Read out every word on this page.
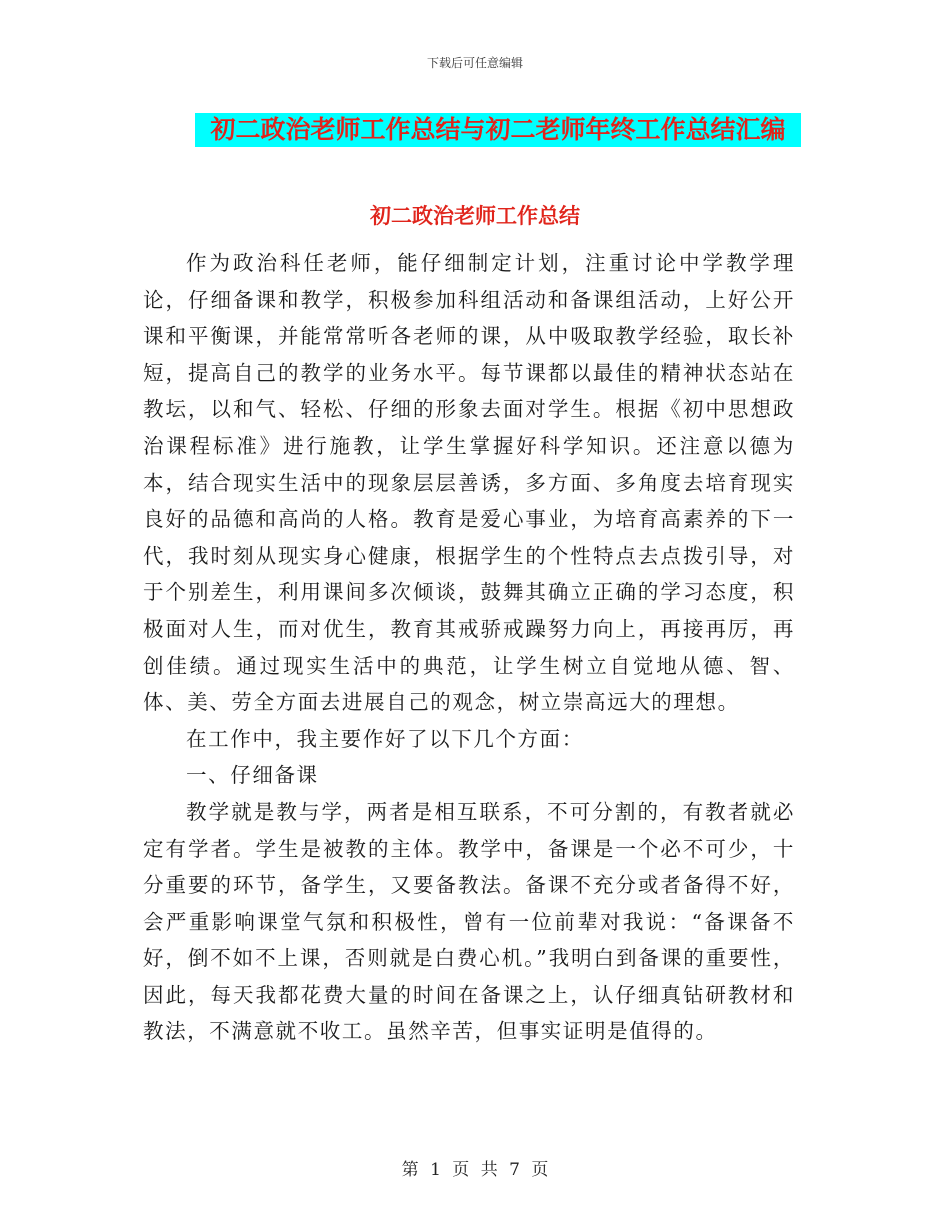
下载后可任意编辑
初二政治老师工作总结与初二老师年终工作总结汇编
初二政治老师工作总结

作为政治科任老师，能仔细制定计划，注重讨论中学教学理论，仔细备课和教学，积极参加科组活动和备课组活动，上好公开课和平衡课，并能常常听各老师的课，从中吸取教学经验，取长补短，提高自己的教学的业务水平。每节课都以最佳的精神状态站在教坛，以和气、轻松、仔细的形象去面对学生。根据《初中思想政治课程标准》进行施教，让学生掌握好科学知识。还注意以德为本，结合现实生活中的现象层层善诱，多方面、多角度去培育现实良好的品德和高尚的人格。教育是爱心事业，为培育高素养的下一代，我时刻从现实身心健康，根据学生的个性特点去点拨引导，对于个别差生，利用课间多次倾谈，鼓舞其确立正确的学习态度，积极面对人生，而对优生，教育其戒骄戒躁努力向上，再接再厉，再创佳绩。通过现实生活中的典范，让学生树立自觉地从德、智、体、美、劳全方面去进展自己的观念，树立崇高远大的理想。

在工作中，我主要作好了以下几个方面：

一、仔细备课

教学就是教与学，两者是相互联系，不可分割的，有教者就必定有学者。学生是被教的主体。教学中，备课是一个必不可少，十分重要的环节，备学生，又要备教法。备课不充分或者备得不好，会严重影响课堂气氛和积极性，曾有一位前辈对我说：“备课备不好，倒不如不上课，否则就是白费心机。”我明白到备课的重要性，因此，每天我都花费大量的时间在备课之上，认仔细真钻研教材和教法，不满意就不收工。虽然辛苦，但事实证明是值得的。

第 1 页 共 7 页
